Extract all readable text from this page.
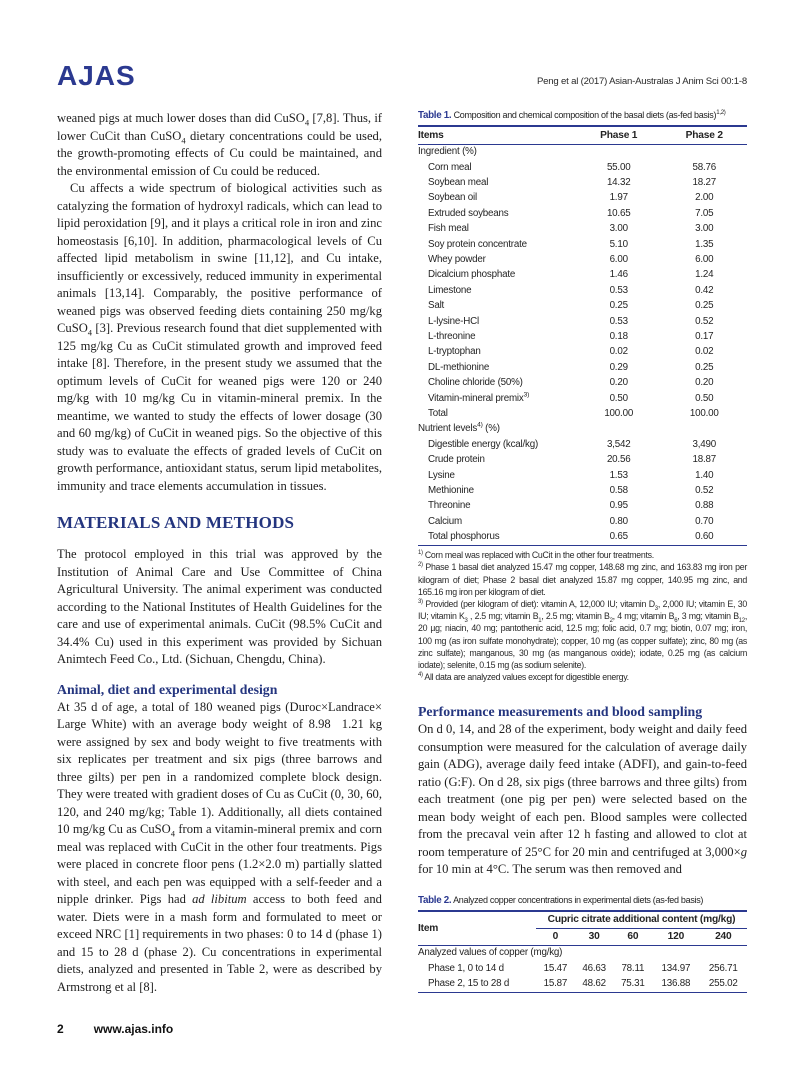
AJAS	Peng et al (2017) Asian-Australas J Anim Sci 00:1-8

weaned pigs at much lower doses than did CuSO$_4$ [7,8]. Thus, if lower CuCit than CuSO$_4$ dietary concentrations could be used, the growth-promoting effects of Cu could be maintained, and the environmental emission of Cu could be reduced.

Cu affects a wide spectrum of biological activities such as catalyzing the formation of hydroxyl radicals, which can lead to lipid peroxidation [9], and it plays a critical role in iron and zinc homeostasis [6,10]. In addition, pharmacological levels of Cu affected lipid metabolism in swine [11,12], and Cu intake, insufficiently or excessively, reduced immunity in experimental animals [13,14]. Comparably, the positive performance of weaned pigs was observed feeding diets containing 250 mg/kg CuSO$_4$ [3]. Previous research found that diet supplemented with 125 mg/kg Cu as CuCit stimulated growth and improved feed intake [8]. Therefore, in the present study we assumed that the optimum levels of CuCit for weaned pigs were 120 or 240 mg/kg with 10 mg/kg Cu in vitamin-mineral premix. In the meantime, we wanted to study the effects of lower dosage (30 and 60 mg/kg) of CuCit in weaned pigs. So the objective of this study was to evaluate the effects of graded levels of CuCit on growth performance, antioxidant status, serum lipid metabolites, immunity and trace elements accumulation in tissues.

MATERIALS AND METHODS

The protocol employed in this trial was approved by the Institution of Animal Care and Use Committee of China Agricultural University. The animal experiment was conducted according to the National Institutes of Health Guidelines for the care and use of experimental animals. CuCit (98.5% CuCit and 34.4% Cu) used in this experiment was provided by Sichuan Animtech Feed Co., Ltd. (Sichuan, Chengdu, China).

Animal, diet and experimental design

At 35 d of age, a total of 180 weaned pigs (Duroc×Landrace× Large White) with an average body weight of 8.98  1.21 kg were assigned by sex and body weight to five treatments with six replicates per treatment and six pigs (three barrows and three gilts) per pen in a randomized complete block design. They were treated with gradient doses of Cu as CuCit (0, 30, 60, 120, and 240 mg/kg; Table 1). Additionally, all diets contained 10 mg/kg Cu as CuSO$_4$ from a vitamin-mineral premix and corn meal was replaced with CuCit in the other four treatments. Pigs were placed in concrete floor pens (1.2×2.0 m) partially slatted with steel, and each pen was equipped with a self-feeder and a nipple drinker. Pigs had ad libitum access to both feed and water. Diets were in a mash form and formulated to meet or exceed NRC [1] requirements in two phases: 0 to 14 d (phase 1) and 15 to 28 d (phase 2). Cu concentrations in experimental diets, analyzed and presented in Table 2, were as described by Armstrong et al [8].

Table 1. Composition and chemical composition of the basal diets (as-fed basis)$^{1,2)}$
Items	Phase 1	Phase 2
Ingredient (%)		
Corn meal	55.00	58.76
Soybean meal	14.32	18.27
Soybean oil	1.97	2.00
Extruded soybeans	10.65	7.05
Fish meal	3.00	3.00
Soy protein concentrate	5.10	1.35
Whey powder	6.00	6.00
Dicalcium phosphate	1.46	1.24
Limestone	0.53	0.42
Salt	0.25	0.25
L-lysine-HCl	0.53	0.52
L-threonine	0.18	0.17
L-tryptophan	0.02	0.02
DL-methionine	0.29	0.25
Choline chloride (50%)	0.20	0.20
Vitamin-mineral premix$^{3)}$	0.50	0.50
Total	100.00	100.00
Nutrient levels$^{4)}$ (%)		
Digestible energy (kcal/kg)	3,542	3,490
Crude protein	20.56	18.87
Lysine	1.53	1.40
Methionine	0.58	0.52
Threonine	0.95	0.88
Calcium	0.80	0.70
Total phosphorus	0.65	0.60
$^{1)}$ Corn meal was replaced with CuCit in the other four treatments.
$^{2)}$ Phase 1 basal diet analyzed 15.47 mg copper, 148.68 mg zinc, and 163.83 mg iron per kilogram of diet; Phase 2 basal diet analyzed 15.87 mg copper, 140.95 mg zinc, and 165.16 mg iron per kilogram of diet.
$^{3)}$ Provided (per kilogram of diet): vitamin A, 12,000 IU; vitamin $D_3$, 2,000 IU; vitamin E, 30 IU; vitamin $K_3$ , 2.5 mg; vitamin $B_1$, 2.5 mg; vitamin $B_2$, 4 mg; vitamin $B_6$, 3 mg; vitamin $B_{12}$, 20 µg; niacin, 40 mg; pantothenic acid, 12.5 mg; folic acid, 0.7 mg; biotin, 0.07 mg; iron, 100 mg (as iron sulfate monohydrate); copper, 10 mg (as copper sulfate); zinc, 80 mg (as zinc sulfate); manganous, 30 mg (as manganous oxide); iodate, 0.25 mg (as calcium iodate); selenite, 0.15 mg (as sodium selenite).
$^{4)}$ All data are analyzed values except for digestible energy.
Performance measurements and blood sampling

On d 0, 14, and 28 of the experiment, body weight and daily feed consumption were measured for the calculation of average daily gain (ADG), average daily feed intake (ADFI), and gain-to-feed ratio (G:F). On d 28, six pigs (three barrows and three gilts) from each treatment (one pig per pen) were selected based on the mean body weight of each pen. Blood samples were collected from the precaval vein after 12 h fasting and allowed to clot at room temperature of 25°C for 20 min and centrifuged at 3,000×g for 10 min at 4°C. The serum was then removed and

Table 2. Analyzed copper concentrations in experimental diets (as-fed basis)
Item	Cupric citrate additional content (mg/kg)				
	0	30	60	120	240
Analyzed values of copper (mg/kg)					
Phase 1, 0 to 14 d	15.47	46.63	78.11	134.97	256.71
Phase 2, 15 to 28 d	15.87	48.62	75.31	136.88	255.02
2	www.ajas.info
